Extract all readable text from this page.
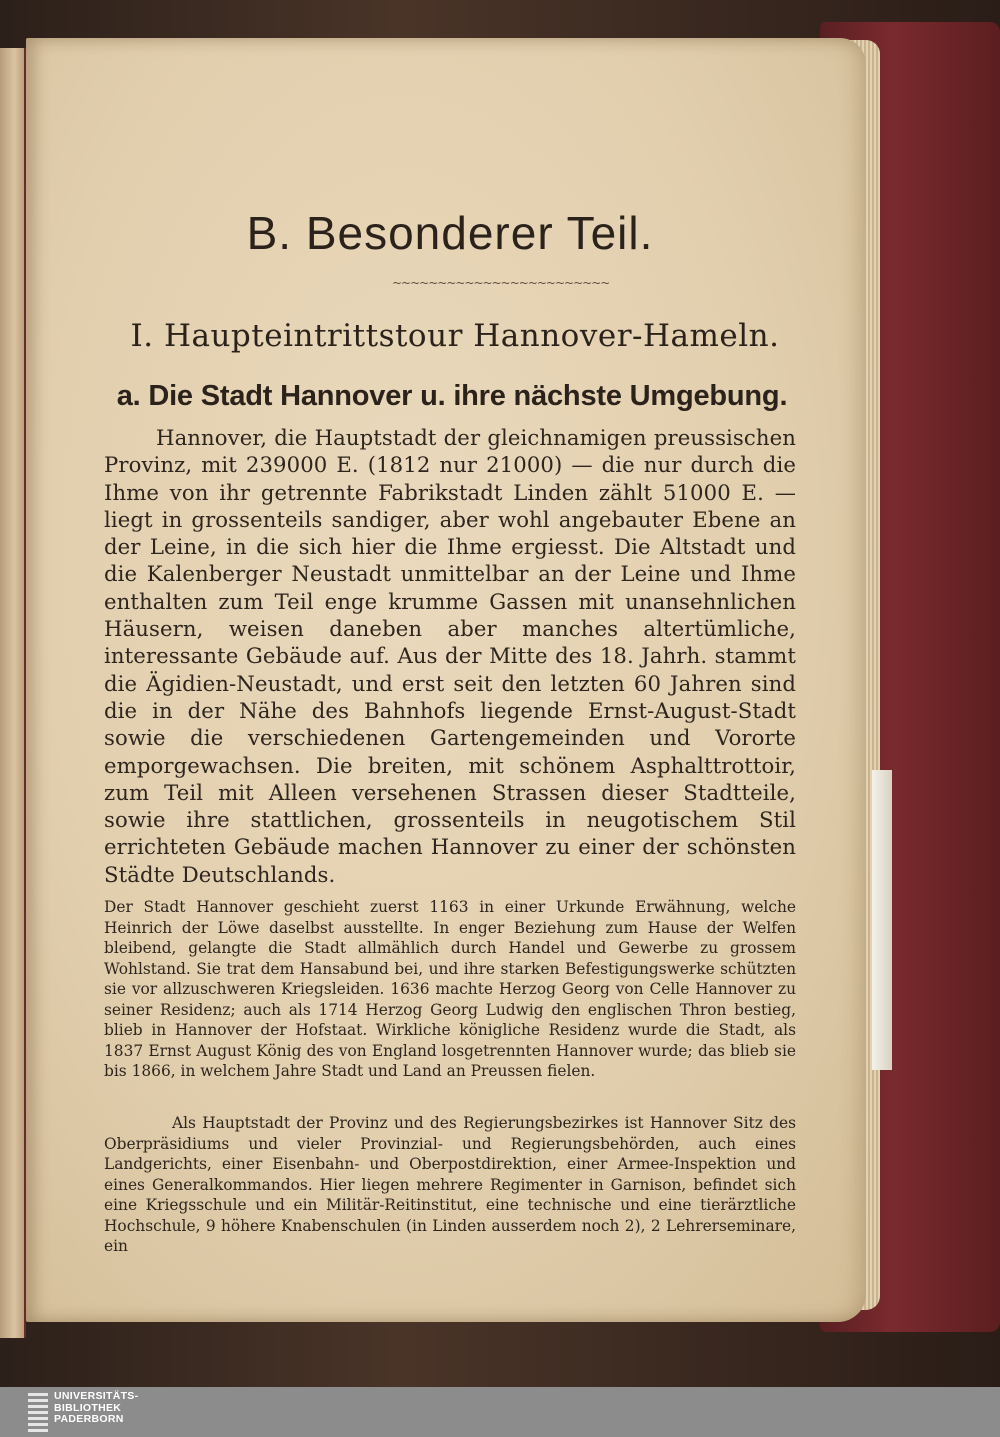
B. Besonderer Teil.
~~~~~~~~~~~~~~~~~~~~~~~~
I. Haupteintrittstour Hannover-Hameln.
a. Die Stadt Hannover u. ihre nächste Umgebung.

Hannover, die Hauptstadt der gleichnamigen preussischen Provinz, mit 239000 E. (1812 nur 21000) — die nur durch die Ihme von ihr getrennte Fabrikstadt Linden zählt 51000 E. — liegt in grossenteils sandiger, aber wohl angebauter Ebene an der Leine, in die sich hier die Ihme ergiesst. Die Altstadt und die Kalenberger Neustadt unmittelbar an der Leine und Ihme enthalten zum Teil enge krumme Gassen mit unansehnlichen Häusern, weisen daneben aber manches altertümliche, interessante Gebäude auf. Aus der Mitte des 18. Jahrh. stammt die Ägidien-Neustadt, und erst seit den letzten 60 Jahren sind die in der Nähe des Bahnhofs liegende Ernst-August-Stadt sowie die verschiedenen Gartengemeinden und Vororte emporgewachsen. Die breiten, mit schönem Asphalttrottoir, zum Teil mit Alleen versehenen Strassen dieser Stadtteile, sowie ihre stattlichen, grossenteils in neugotischem Stil errichteten Gebäude machen Hannover zu einer der schönsten Städte Deutschlands.

Der Stadt Hannover geschieht zuerst 1163 in einer Urkunde Erwähnung, welche Heinrich der Löwe daselbst ausstellte. In enger Beziehung zum Hause der Welfen bleibend, gelangte die Stadt allmählich durch Handel und Gewerbe zu grossem Wohlstand. Sie trat dem Hansabund bei, und ihre starken Befestigungswerke schützten sie vor allzuschweren Kriegsleiden. 1636 machte Herzog Georg von Celle Hannover zu seiner Residenz; auch als 1714 Herzog Georg Ludwig den englischen Thron bestieg, blieb in Hannover der Hofstaat. Wirkliche königliche Residenz wurde die Stadt, als 1837 Ernst August König des von England losgetrennten Hannover wurde; das blieb sie bis 1866, in welchem Jahre Stadt und Land an Preussen fielen.

Als Hauptstadt der Provinz und des Regierungsbezirkes ist Hannover Sitz des Oberpräsidiums und vieler Provinzial- und Regierungsbehörden, auch eines Landgerichts, einer Eisenbahn- und Oberpostdirektion, einer Armee-Inspektion und eines Generalkommandos. Hier liegen mehrere Regimenter in Garnison, befindet sich eine Kriegsschule und ein Militär-Reitinstitut, eine technische und eine tierärztliche Hochschule, 9 höhere Knabenschulen (in Linden ausserdem noch 2), 2 Lehrerseminare, ein

UNIVERSITÄTS-
BIBLIOTHEK
PADERBORN
